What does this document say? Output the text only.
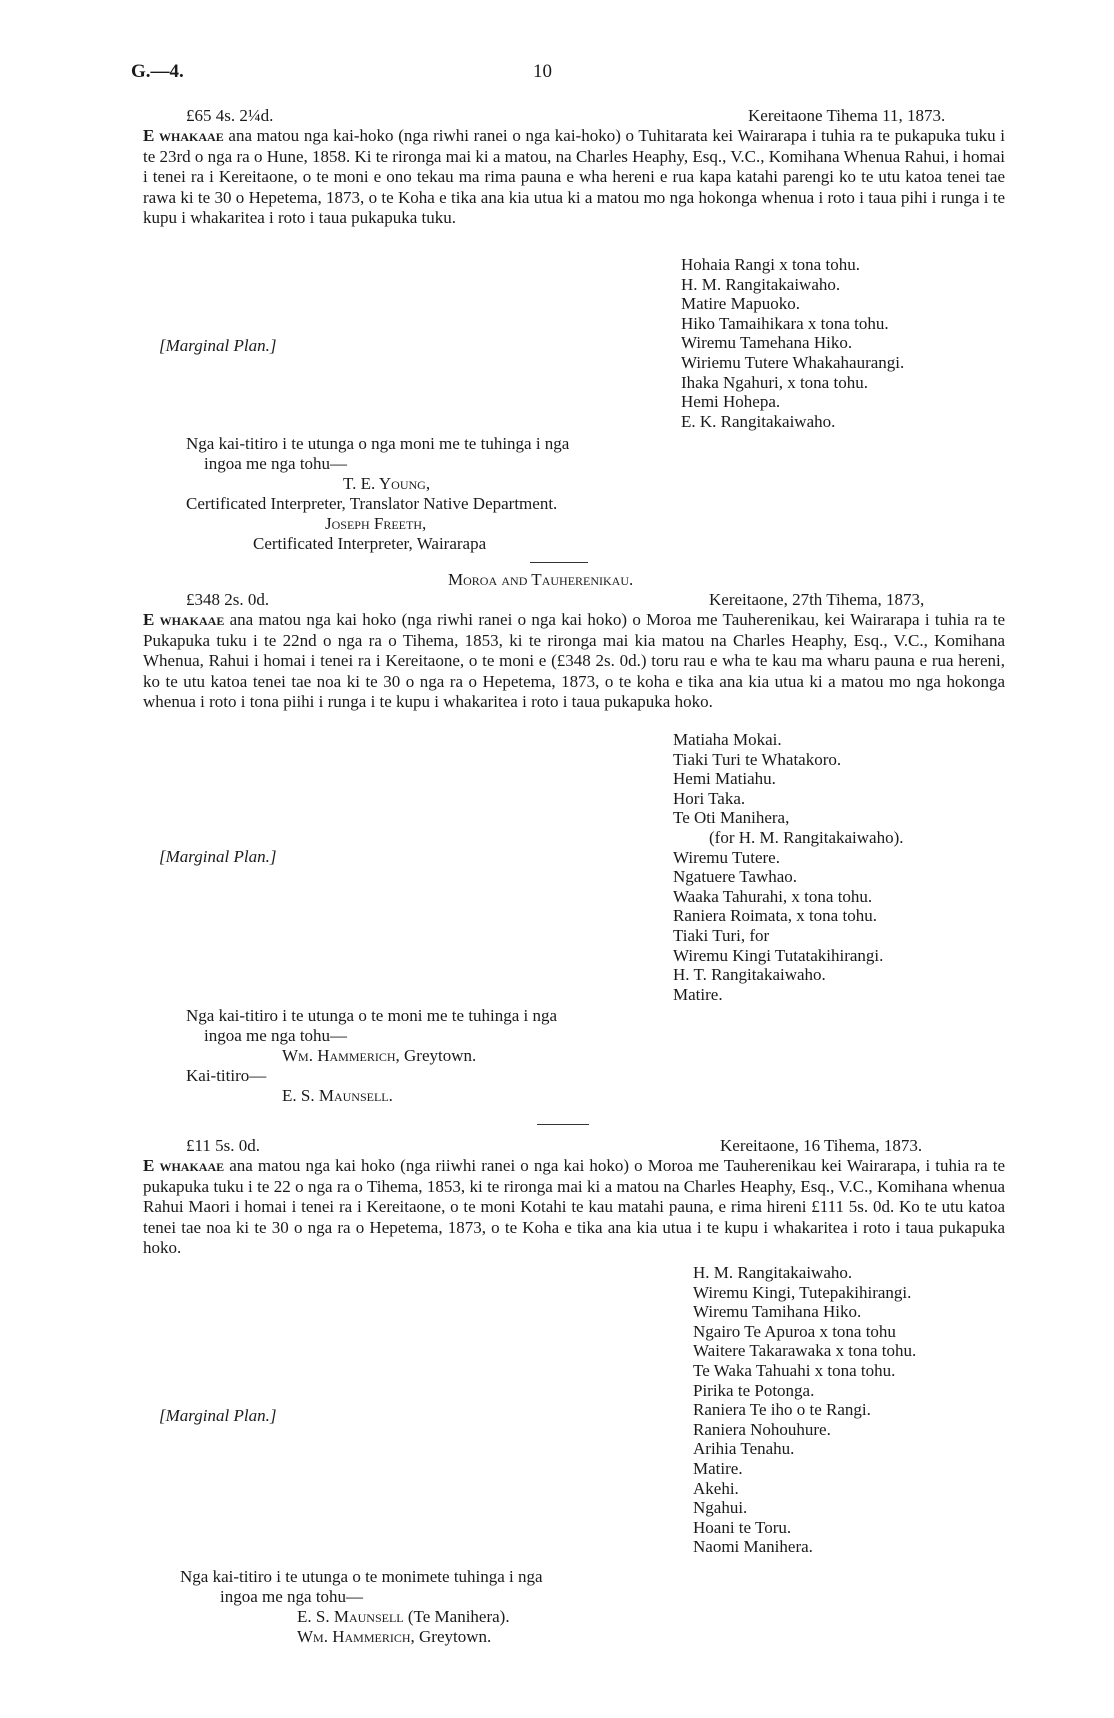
G.—4.	10
£65 4s. 2¼d.	Kereitaone Tihema 11, 1873.

E whakaae ana matou nga kai-hoko (nga riwhi ranei o nga kai-hoko) o Tuhitarata kei Wairarapa i tuhia ra te pukapuka tuku i te 23rd o nga ra o Hune, 1858. Ki te rironga mai ki a matou, na Charles Heaphy, Esq., V.C., Komihana Whenua Rahui, i homai i tenei ra i Kereitaone, o te moni e ono tekau ma rima pauna e wha hereni e rua kapa katahi parengi ko te utu katoa tenei tae rawa ki te 30 o Hepetema, 1873, o te Koha e tika ana kia utua ki a matou mo nga hokonga whenua i roto i taua pihi i runga i te kupu i whakaritea i roto i taua pukapuka tuku.

Hohaia Rangi x tona tohu.
H. M. Rangitakaiwaho.
Matire Mapuoko.
Hiko Tamaihikara x tona tohu.
Wiremu Tamehana Hiko.
Wiriemu Tutere Whakahaurangi.
Ihaka Ngahuri, x tona tohu.
Hemi Hohepa.
E. K. Rangitakaiwaho.
[Marginal Plan.]
Nga kai-titiro i te utunga o nga moni me te tuhinga i nga
ingoa me nga tohu—
T. E. Young,
Certificated Interpreter, Translator Native Department.
Joseph Freeth,
Certificated Interpreter, Wairarapa
Moroa and Tauherenikau.
£348 2s. 0d.	Kereitaone, 27th Tihema, 1873,

E whakaae ana matou nga kai hoko (nga riwhi ranei o nga kai hoko) o Moroa me Tauherenikau, kei Wairarapa i tuhia ra te Pukapuka tuku i te 22nd o nga ra o Tihema, 1853, ki te rironga mai kia matou na Charles Heaphy, Esq., V.C., Komihana Whenua, Rahui i homai i tenei ra i Kereitaone, o te moni e (£348 2s. 0d.) toru rau e wha te kau ma wharu pauna e rua hereni, ko te utu katoa tenei tae noa ki te 30 o nga ra o Hepetema, 1873, o te koha e tika ana kia utua ki a matou mo nga hokonga whenua i roto i tona piihi i runga i te kupu i whakaritea i roto i taua pukapuka hoko.

Matiaha Mokai.
Tiaki Turi te Whatakoro.
Hemi Matiahu.
Hori Taka.
Te Oti Manihera,
(for H. M. Rangitakaiwaho).
Wiremu Tutere.
Ngatuere Tawhao.
Waaka Tahurahi, x tona tohu.
Raniera Roimata, x tona tohu.
Tiaki Turi, for
Wiremu Kingi Tutatakihirangi.
H. T. Rangitakaiwaho.
Matire.
[Marginal Plan.]
Nga kai-titiro i te utunga o te moni me te tuhinga i nga
ingoa me nga tohu—
Wm. Hammerich, Greytown.
Kai-titiro—
E. S. Maunsell.
£11 5s. 0d.	Kereitaone, 16 Tihema, 1873.

E whakaae ana matou nga kai hoko (nga riiwhi ranei o nga kai hoko) o Moroa me Tauherenikau kei Wairarapa, i tuhia ra te pukapuka tuku i te 22 o nga ra o Tihema, 1853, ki te rironga mai ki a matou na Charles Heaphy, Esq., V.C., Komihana whenua Rahui Maori i homai i tenei ra i Kereitaone, o te moni Kotahi te kau matahi pauna, e rima hireni £111 5s. 0d. Ko te utu katoa tenei tae noa ki te 30 o nga ra o Hepetema, 1873, o te Koha e tika ana kia utua i te kupu i whakaritea i roto i taua pukapuka hoko.

H. M. Rangitakaiwaho.
Wiremu Kingi, Tutepakihirangi.
Wiremu Tamihana Hiko.
Ngairo Te Apuroa x tona tohu
Waitere Takarawaka x tona tohu.
Te Waka Tahuahi x tona tohu.
Pirika te Potonga.
Raniera Te iho o te Rangi.
Raniera Nohouhure.
Arihia Tenahu.
Matire.
Akehi.
Ngahui.
Hoani te Toru.
Naomi Manihera.
[Marginal Plan.]
Nga kai-titiro i te utunga o te monimete tuhinga i nga
ingoa me nga tohu—
E. S. Maunsell (Te Manihera).
Wm. Hammerich, Greytown.
